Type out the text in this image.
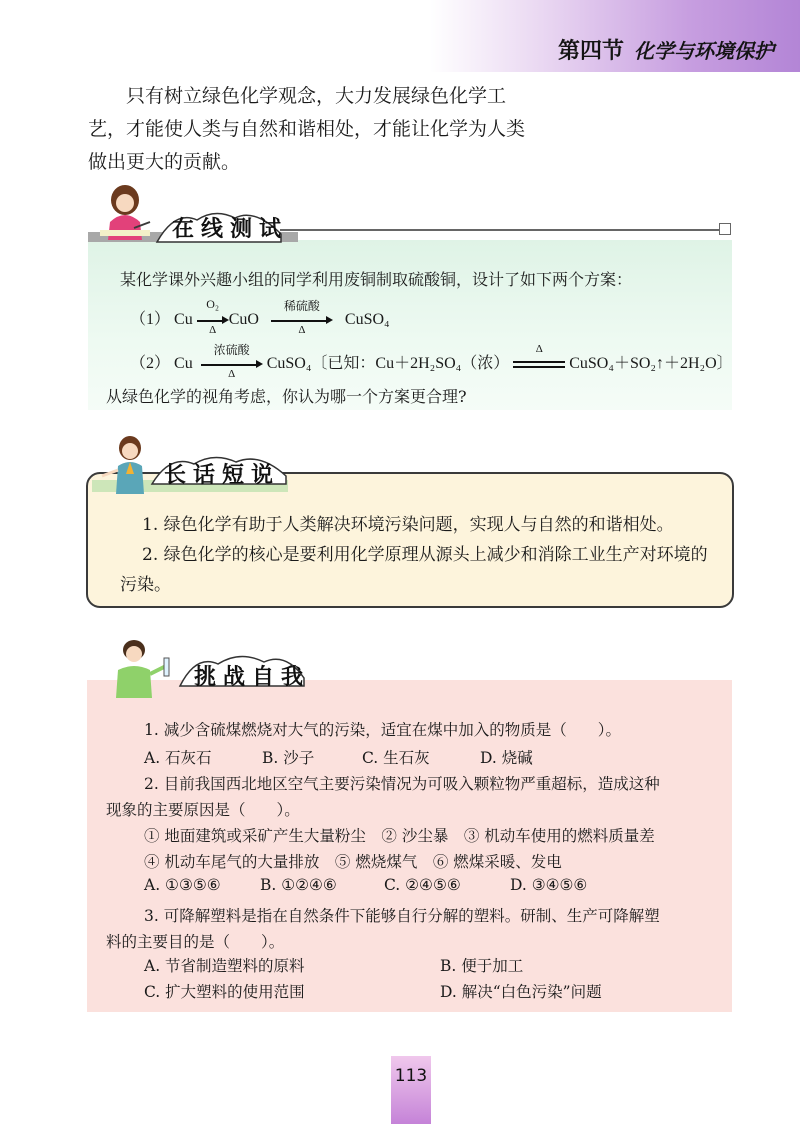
第四节 化学与环境保护
只有树立绿色化学观念，大力发展绿色化学工艺，才能使人类与自然和谐相处，才能让化学为人类做出更大的贡献。
在线测试
某化学课外兴趣小组的同学利用废铜制取硫酸铜，设计了如下两个方案：
（1） Cu $\frac{\text{O₂}}{\Delta}$ CuO
稀硫酸
Δ
CuSO₄
（2） Cu
浓硫酸
Δ
CuSO₄〔已知：Cu＋2H₂SO₄（浓）
Δ
CuSO₄＋SO₂↑＋2H₂O〕
从绿色化学的视角考虑，你认为哪一个方案更合理?
长话短说
1. 绿色化学有助于人类解决环境污染问题，实现人与自然的和谐相处。
2. 绿色化学的核心是要利用化学原理从源头上减少和消除工业生产对环境的污染。
挑战自我
1. 减少含硫煤燃烧对大气的污染，适宜在煤中加入的物质是（　　）。
A. 石灰石	B. 沙子	C. 生石灰	D. 烧碱
2. 目前我国西北地区空气主要污染情况为可吸入颗粒物严重超标，造成这种
现象的主要原因是（　　）。
① 地面建筑或采矿产生大量粉尘　② 沙尘暴　③ 机动车使用的燃料质量差
④ 机动车尾气的大量排放　⑤ 燃烧煤气　⑥ 燃煤采暖、发电
A. ①③⑤⑥	B. ①②④⑥	C. ②④⑤⑥	D. ③④⑤⑥
3. 可降解塑料是指在自然条件下能够自行分解的塑料。研制、生产可降解塑
料的主要目的是（　　）。
A. 节省制造塑料的原料	B. 便于加工
C. 扩大塑料的使用范围	D. 解决“白色污染”问题
113
